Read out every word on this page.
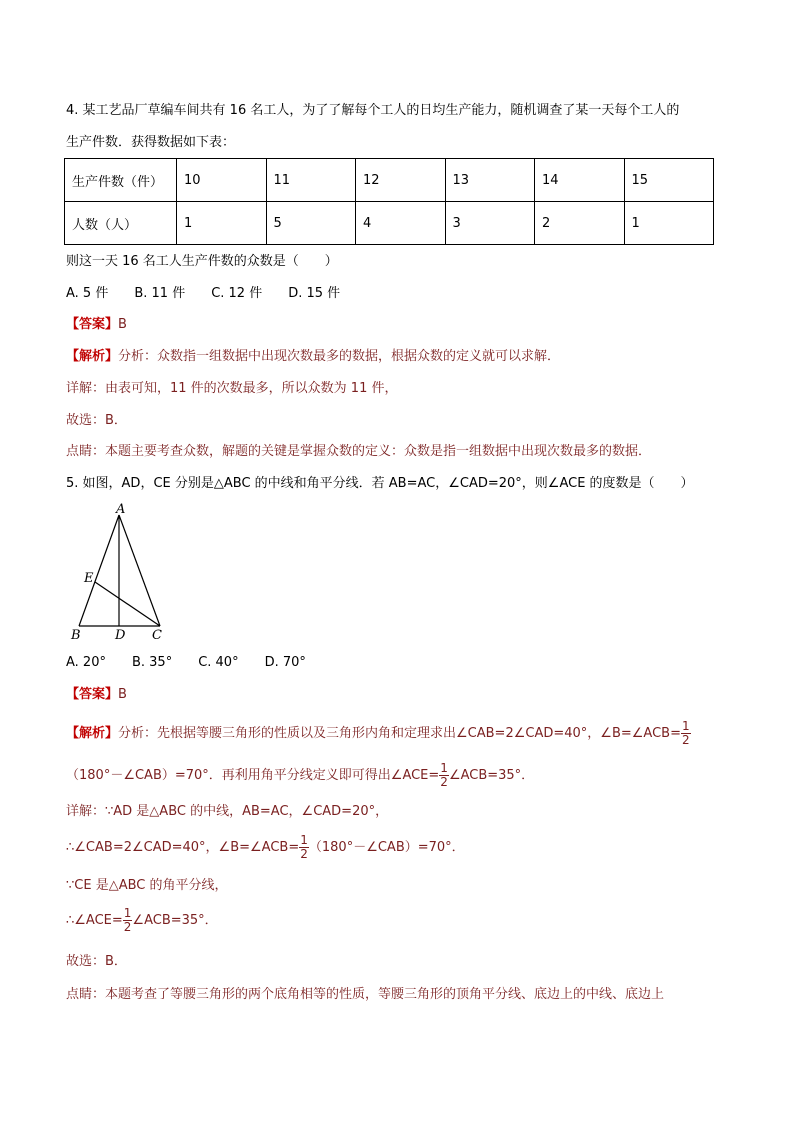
4. 某工艺品厂草编车间共有 16 名工人，为了了解每个工人的日均生产能力，随机调查了某一天每个工人的
生产件数．获得数据如下表：
生产件数（件）	10	11	12	13	14	15
人数（人）	1	5	4	3	2	1
则这一天 16 名工人生产件数的众数是（　　）
A. 5 件　　B. 11 件　　C. 12 件　　D. 15 件
【答案】B
【解析】分析：众数指一组数据中出现次数最多的数据，根据众数的定义就可以求解．
详解：由表可知，11 件的次数最多，所以众数为 11 件，
故选：B．
点睛：本题主要考查众数，解题的关键是掌握众数的定义：众数是指一组数据中出现次数最多的数据．
5. 如图，AD，CE 分别是△ABC 的中线和角平分线．若 AB=AC，∠CAD=20°，则∠ACE 的度数是（　　）
A
E
B	D C
A. 20°　　B. 35°　　C. 40°　　D. 70°
【答案】B
【解析】分析：先根据等腰三角形的性质以及三角形内角和定理求出∠CAB=2∠CAD=40°，∠B=∠ACB= $\frac{1}{2}$
（180°－∠CAB）=70°．再利用角平分线定义即可得出∠ACE= $\frac{1}{2}$ ∠ACB=35°．
详解：∵AD 是△ABC 的中线，AB=AC，∠CAD=20°，
∴∠CAB=2∠CAD=40°，∠B=∠ACB= $\frac{1}{2}$ （180°－∠CAB）=70°．
∵CE 是△ABC 的角平分线，
∴∠ACE= $\frac{1}{2}$ ∠ACB=35°．
故选：B．
点睛：本题考查了等腰三角形的两个底角相等的性质，等腰三角形的顶角平分线、底边上的中线、底边上
